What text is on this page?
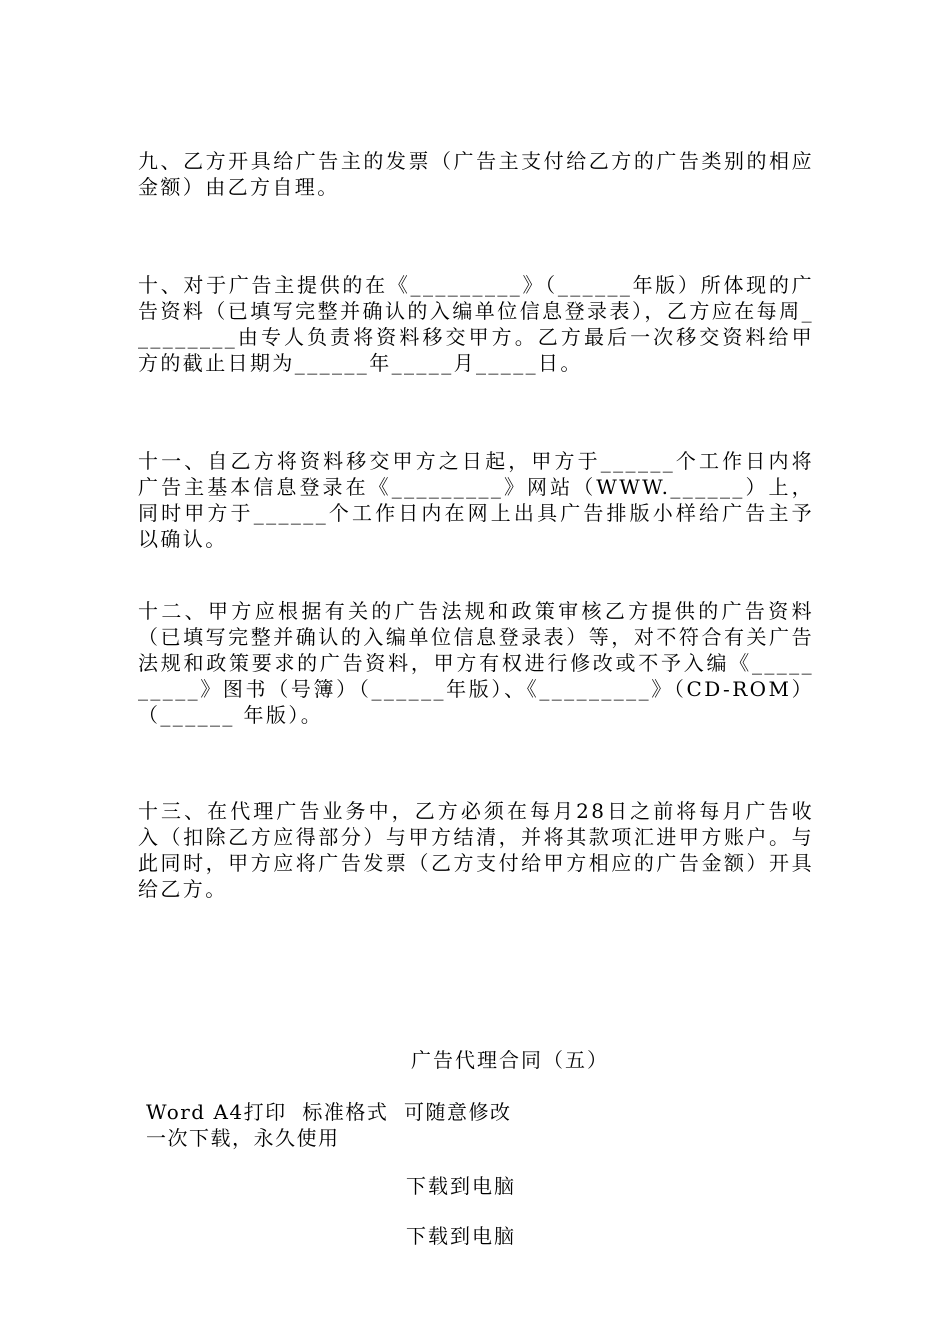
九、乙方开具给广告主的发票（广告主支付给乙方的广告类别的相应金额）由乙方自理。

十、对于广告主提供的在《_________》（______年版）所体现的广告资料（已填写完整并确认的入编单位信息登录表），乙方应在每周_________由专人负责将资料移交甲方。乙方最后一次移交资料给甲方的截止日期为______年_____月_____日。

十一、自乙方将资料移交甲方之日起，甲方于______个工作日内将广告主基本信息登录在《_________》网站（WWW.______）上，同时甲方于______个工作日内在网上出具广告排版小样给广告主予以确认。

十二、甲方应根据有关的广告法规和政策审核乙方提供的广告资料（已填写完整并确认的入编单位信息登录表）等，对不符合有关广告法规和政策要求的广告资料，甲方有权进行修改或不予入编《__________》图书（号簿）（______年版）、《_________》（CD-ROM）（______ 年版）。

十三、在代理广告业务中，乙方必须在每月28日之前将每月广告收入（扣除乙方应得部分）与甲方结清，并将其款项汇进甲方账户。与此同时，甲方应将广告发票（乙方支付给甲方相应的广告金额）开具给乙方。

广告代理合同（五）
Word A4打印  标准格式  可随意修改
一次下载，永久使用
下载到电脑
下载到电脑
